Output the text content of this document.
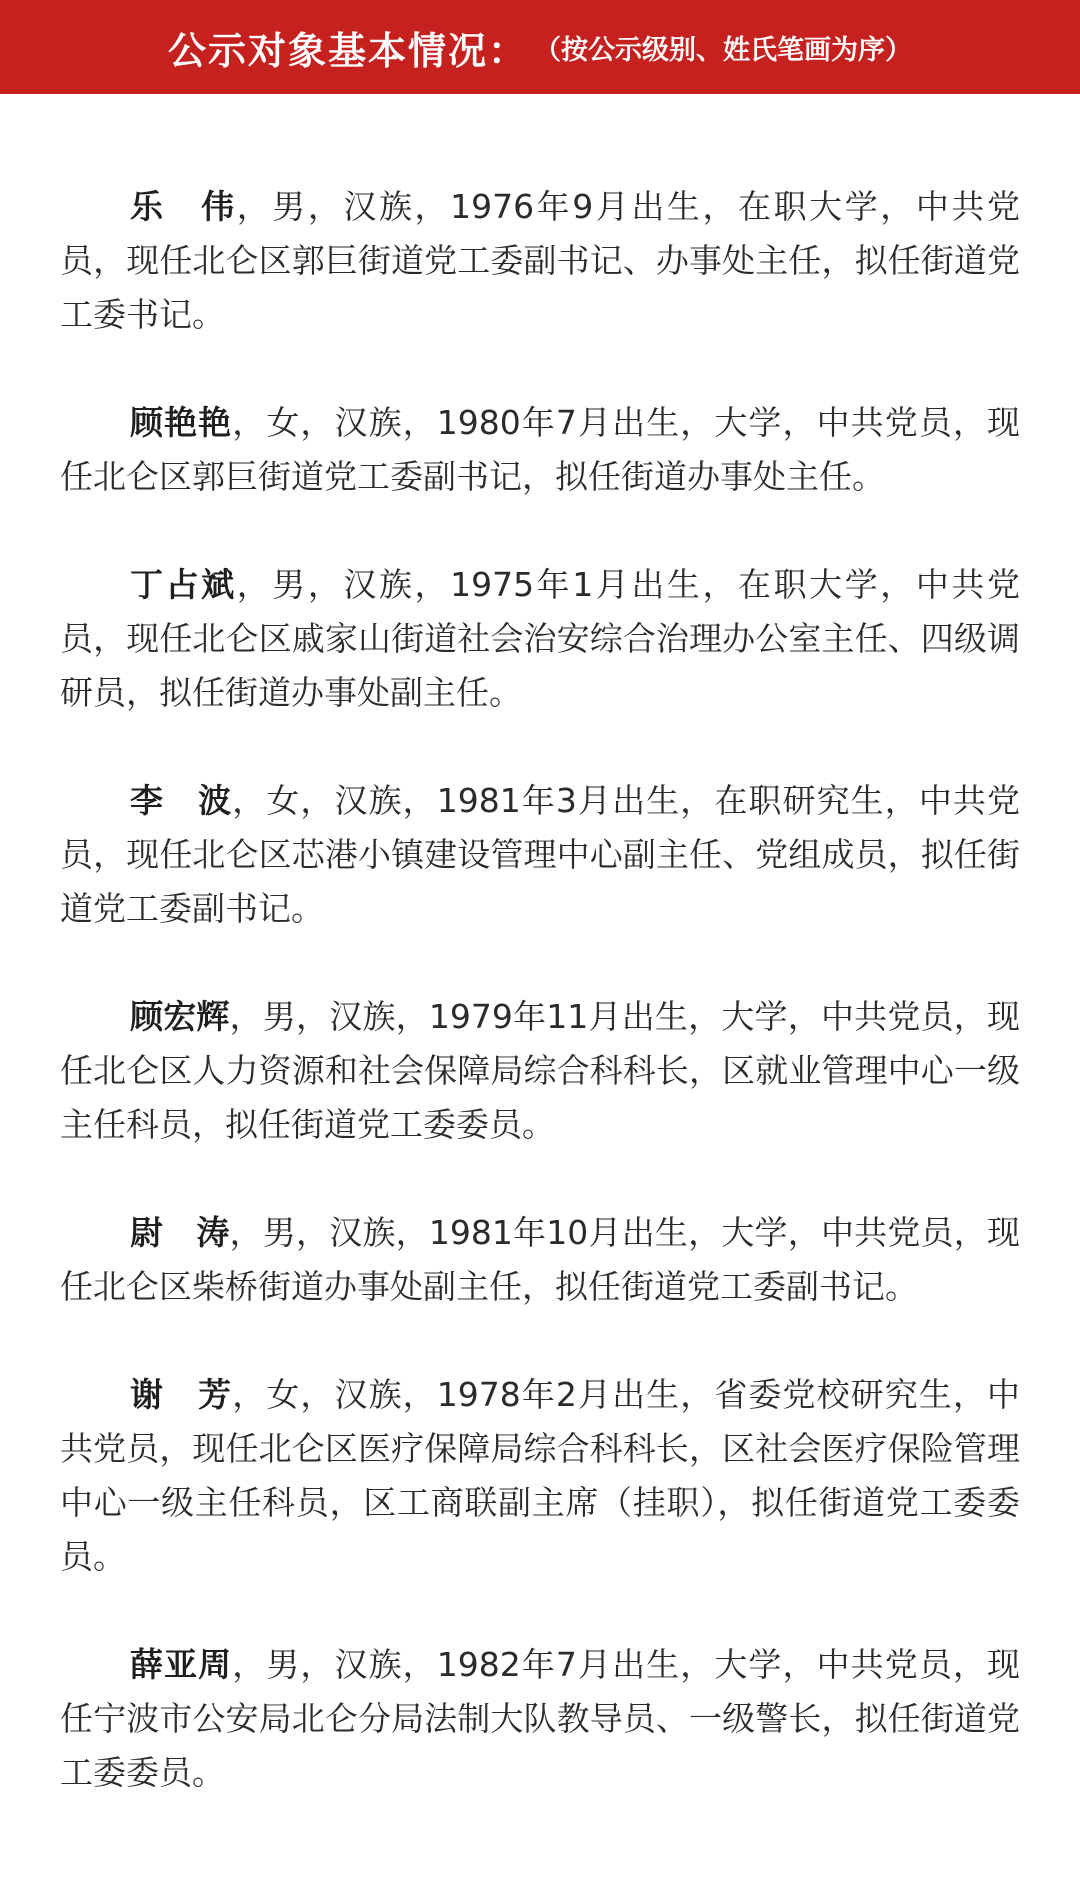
公示对象基本情况： （按公示级别、姓氏笔画为序）

乐　伟，男，汉族，1976年9月出生，在职大学，中共党员，现任北仑区郭巨街道党工委副书记、办事处主任，拟任街道党工委书记。

顾艳艳，女，汉族，1980年7月出生，大学，中共党员，现任北仑区郭巨街道党工委副书记，拟任街道办事处主任。

丁占斌，男，汉族，1975年1月出生，在职大学，中共党员，现任北仑区戚家山街道社会治安综合治理办公室主任、四级调研员，拟任街道办事处副主任。

李　波，女，汉族，1981年3月出生，在职研究生，中共党员，现任北仑区芯港小镇建设管理中心副主任、党组成员，拟任街道党工委副书记。

顾宏辉，男，汉族，1979年11月出生，大学，中共党员，现任北仑区人力资源和社会保障局综合科科长，区就业管理中心一级主任科员，拟任街道党工委委员。

尉　涛，男，汉族，1981年10月出生，大学，中共党员，现任北仑区柴桥街道办事处副主任，拟任街道党工委副书记。

谢　芳，女，汉族，1978年2月出生，省委党校研究生，中共党员，现任北仑区医疗保障局综合科科长，区社会医疗保险管理中心一级主任科员，区工商联副主席（挂职），拟任街道党工委委员。

薛亚周，男，汉族，1982年7月出生，大学，中共党员，现任宁波市公安局北仑分局法制大队教导员、一级警长，拟任街道党工委委员。
